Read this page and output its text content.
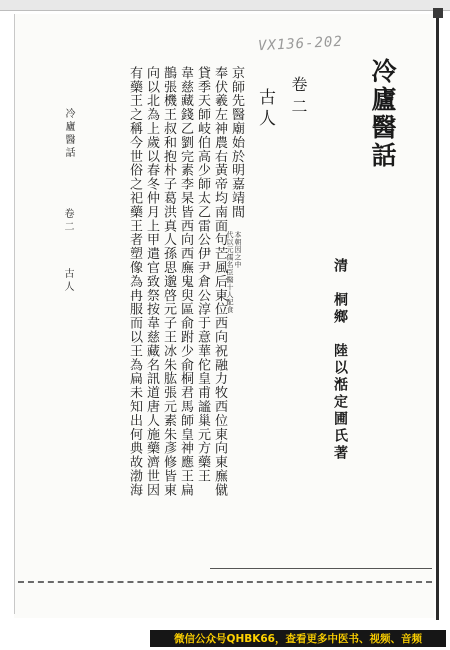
VX136-202
冷廬醫話
清　桐鄉　陸以湉定圃氏著
卷二
古人
京師先醫廟始於明嘉靖間
代以元儒名臣醫十人配食 本朝因之中
奉伏羲左神農右黃帝均南面句芒風后東位西向祝融力牧西位東向東廡僦
貸季天師岐伯高少師太乙雷公伊尹倉公淳于意華佗皇甫謐巢元方藥王
韋慈藏錢乙劉完素李杲皆西向西廡鬼臾區俞跗少俞桐君馬師皇神應王扁
鵲張機王叔和抱朴子葛洪真人孫思邈啓元子王冰朱肱張元素朱彥修皆東
向以北為上歲以春冬仲月上甲遣官致祭按韋慈藏名訊道唐人施藥濟世因
有藥王之稱今世俗之祀藥王者塑像為冉服而以王為扁未知出何典故渤海
冷廬醫話
卷二
古人
微信公众号QHBK66，查看更多中医书、视频、音频
